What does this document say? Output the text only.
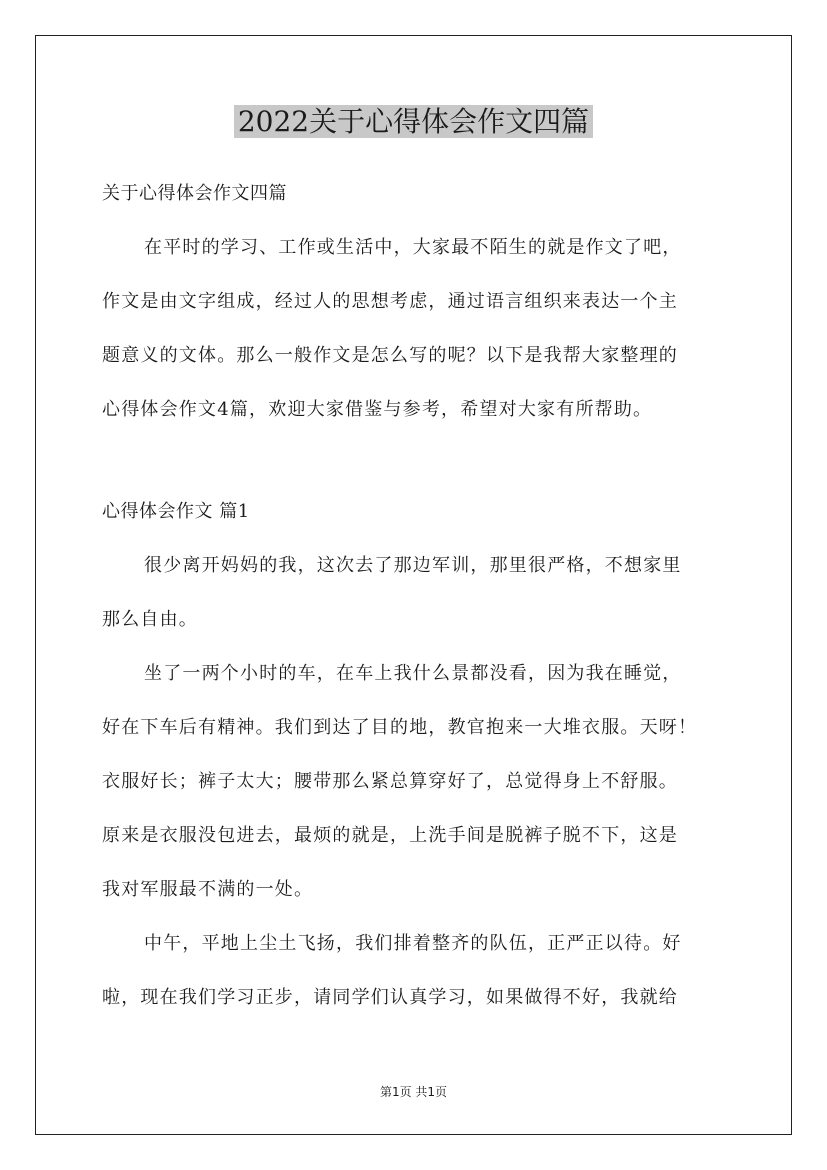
2022关于心得体会作文四篇
关于心得体会作文四篇
在平时的学习、工作或生活中，大家最不陌生的就是作文了吧，
作文是由文字组成，经过人的思想考虑，通过语言组织来表达一个主
题意义的文体。那么一般作文是怎么写的呢？以下是我帮大家整理的
心得体会作文4篇，欢迎大家借鉴与参考，希望对大家有所帮助。
心得体会作文 篇1
很少离开妈妈的我，这次去了那边军训，那里很严格，不想家里
那么自由。
坐了一两个小时的车，在车上我什么景都没看，因为我在睡觉，
好在下车后有精神。我们到达了目的地，教官抱来一大堆衣服。天呀！
衣服好长；裤子太大；腰带那么紧总算穿好了，总觉得身上不舒服。
原来是衣服没包进去，最烦的就是，上洗手间是脱裤子脱不下，这是
我对军服最不满的一处。
中午，平地上尘土飞扬，我们排着整齐的队伍，正严正以待。好
啦，现在我们学习正步，请同学们认真学习，如果做得不好，我就给
第1页 共1页
